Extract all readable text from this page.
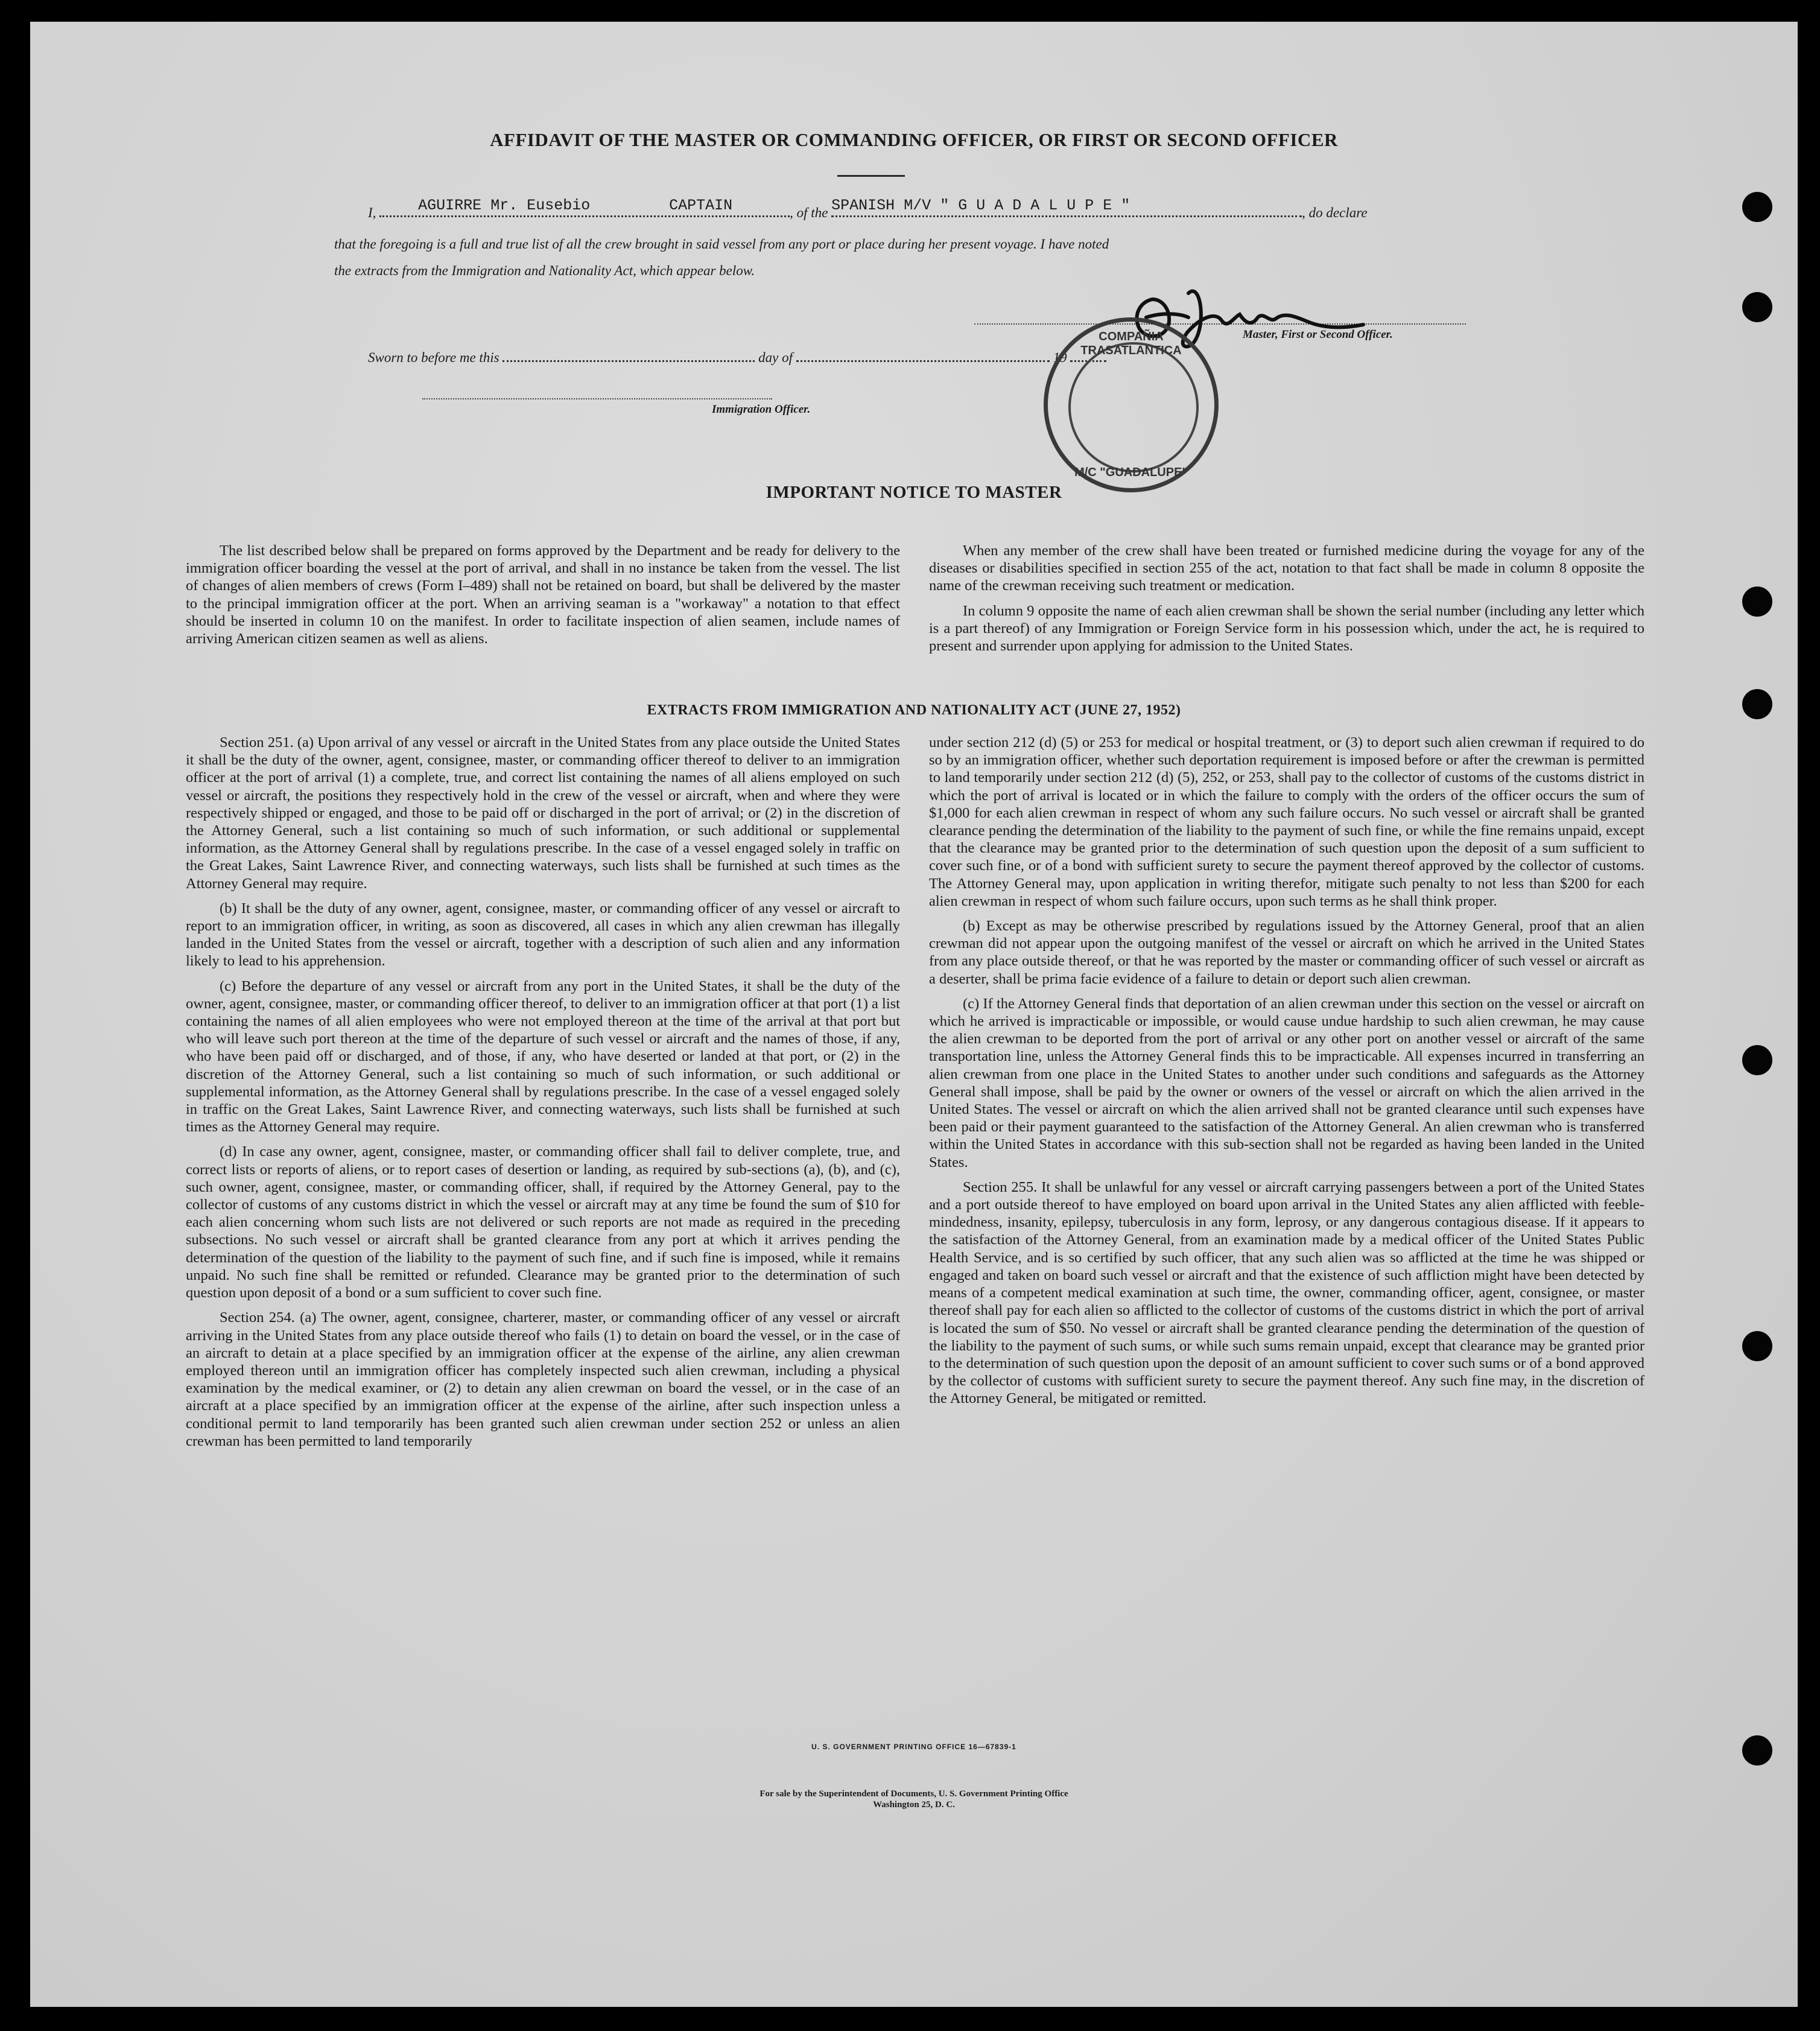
AFFIDAVIT OF THE MASTER OR COMMANDING OFFICER, OR FIRST OR SECOND OFFICER
I,	AGUIRRE Mr. Eusebio	CAPTAIN	, of the SPANISH M/V " G U A D A L U P E "	, do declare
that the foregoing is a full and true list of all the crew brought in said vessel from any port or place during her present voyage. I have noted
the extracts from the Immigration and Nationality Act, which appear below.
Master, First or Second Officer.
Sworn to before me this	day of	19
Immigration Officer.
COMPAÑIA TRASATLANTICA
M/C "GUADALUPE"
IMPORTANT NOTICE TO MASTER

The list described below shall be prepared on forms approved by the Department and be ready for delivery to the immigration officer boarding the vessel at the port of arrival, and shall in no instance be taken from the vessel. The list of changes of alien members of crews (Form I–489) shall not be retained on board, but shall be delivered by the master to the principal immigration officer at the port. When an arriving seaman is a "workaway" a notation to that effect should be inserted in column 10 on the manifest. In order to facilitate inspection of alien seamen, include names of arriving American citizen seamen as well as aliens.

When any member of the crew shall have been treated or furnished medicine during the voyage for any of the diseases or disabilities specified in section 255 of the act, notation to that fact shall be made in column 8 opposite the name of the crewman receiving such treatment or medication.

In column 9 opposite the name of each alien crewman shall be shown the serial number (including any letter which is a part thereof) of any Immigration or Foreign Service form in his possession which, under the act, he is required to present and surrender upon applying for admission to the United States.

EXTRACTS FROM IMMIGRATION AND NATIONALITY ACT (JUNE 27, 1952)

Section 251. (a) Upon arrival of any vessel or aircraft in the United States from any place outside the United States it shall be the duty of the owner, agent, consignee, master, or commanding officer thereof to deliver to an immigration officer at the port of arrival (1) a complete, true, and correct list containing the names of all aliens employed on such vessel or aircraft, the positions they respectively hold in the crew of the vessel or aircraft, when and where they were respectively shipped or engaged, and those to be paid off or discharged in the port of arrival; or (2) in the discretion of the Attorney General, such a list containing so much of such information, or such additional or supplemental information, as the Attorney General shall by regulations prescribe. In the case of a vessel engaged solely in traffic on the Great Lakes, Saint Lawrence River, and connecting waterways, such lists shall be furnished at such times as the Attorney General may require.

(b) It shall be the duty of any owner, agent, consignee, master, or commanding officer of any vessel or aircraft to report to an immigration officer, in writing, as soon as discovered, all cases in which any alien crewman has illegally landed in the United States from the vessel or aircraft, together with a description of such alien and any information likely to lead to his apprehension.

(c) Before the departure of any vessel or aircraft from any port in the United States, it shall be the duty of the owner, agent, consignee, master, or commanding officer thereof, to deliver to an immigration officer at that port (1) a list containing the names of all alien employees who were not employed thereon at the time of the arrival at that port but who will leave such port thereon at the time of the departure of such vessel or aircraft and the names of those, if any, who have been paid off or discharged, and of those, if any, who have deserted or landed at that port, or (2) in the discretion of the Attorney General, such a list containing so much of such information, or such additional or supplemental information, as the Attorney General shall by regulations prescribe. In the case of a vessel engaged solely in traffic on the Great Lakes, Saint Lawrence River, and connecting waterways, such lists shall be furnished at such times as the Attorney General may require.

(d) In case any owner, agent, consignee, master, or commanding officer shall fail to deliver complete, true, and correct lists or reports of aliens, or to report cases of desertion or landing, as required by sub-sections (a), (b), and (c), such owner, agent, consignee, master, or commanding officer, shall, if required by the Attorney General, pay to the collector of customs of any customs district in which the vessel or aircraft may at any time be found the sum of $10 for each alien concerning whom such lists are not delivered or such reports are not made as required in the preceding subsections. No such vessel or aircraft shall be granted clearance from any port at which it arrives pending the determination of the question of the liability to the payment of such fine, and if such fine is imposed, while it remains unpaid. No such fine shall be remitted or refunded. Clearance may be granted prior to the determination of such question upon deposit of a bond or a sum sufficient to cover such fine.

Section 254. (a) The owner, agent, consignee, charterer, master, or commanding officer of any vessel or aircraft arriving in the United States from any place outside thereof who fails (1) to detain on board the vessel, or in the case of an aircraft to detain at a place specified by an immigration officer at the expense of the airline, any alien crewman employed thereon until an immigration officer has completely inspected such alien crewman, including a physical examination by the medical examiner, or (2) to detain any alien crewman on board the vessel, or in the case of an aircraft at a place specified by an immigration officer at the expense of the airline, after such inspection unless a conditional permit to land temporarily has been granted such alien crewman under section 252 or unless an alien crewman has been permitted to land temporarily

under section 212 (d) (5) or 253 for medical or hospital treatment, or (3) to deport such alien crewman if required to do so by an immigration officer, whether such deportation requirement is imposed before or after the crewman is permitted to land temporarily under section 212 (d) (5), 252, or 253, shall pay to the collector of customs of the customs district in which the port of arrival is located or in which the failure to comply with the orders of the officer occurs the sum of $1,000 for each alien crewman in respect of whom any such failure occurs. No such vessel or aircraft shall be granted clearance pending the determination of the liability to the payment of such fine, or while the fine remains unpaid, except that the clearance may be granted prior to the determination of such question upon the deposit of a sum sufficient to cover such fine, or of a bond with sufficient surety to secure the payment thereof approved by the collector of customs. The Attorney General may, upon application in writing therefor, mitigate such penalty to not less than $200 for each alien crewman in respect of whom such failure occurs, upon such terms as he shall think proper.

(b) Except as may be otherwise prescribed by regulations issued by the Attorney General, proof that an alien crewman did not appear upon the outgoing manifest of the vessel or aircraft on which he arrived in the United States from any place outside thereof, or that he was reported by the master or commanding officer of such vessel or aircraft as a deserter, shall be prima facie evidence of a failure to detain or deport such alien crewman.

(c) If the Attorney General finds that deportation of an alien crewman under this section on the vessel or aircraft on which he arrived is impracticable or impossible, or would cause undue hardship to such alien crewman, he may cause the alien crewman to be deported from the port of arrival or any other port on another vessel or aircraft of the same transportation line, unless the Attorney General finds this to be impracticable. All expenses incurred in transferring an alien crewman from one place in the United States to another under such conditions and safeguards as the Attorney General shall impose, shall be paid by the owner or owners of the vessel or aircraft on which the alien arrived in the United States. The vessel or aircraft on which the alien arrived shall not be granted clearance until such expenses have been paid or their payment guaranteed to the satisfaction of the Attorney General. An alien crewman who is transferred within the United States in accordance with this sub-section shall not be regarded as having been landed in the United States.

Section 255. It shall be unlawful for any vessel or aircraft carrying passengers between a port of the United States and a port outside thereof to have employed on board upon arrival in the United States any alien afflicted with feeble-mindedness, insanity, epilepsy, tuberculosis in any form, leprosy, or any dangerous contagious disease. If it appears to the satisfaction of the Attorney General, from an examination made by a medical officer of the United States Public Health Service, and is so certified by such officer, that any such alien was so afflicted at the time he was shipped or engaged and taken on board such vessel or aircraft and that the existence of such affliction might have been detected by means of a competent medical examination at such time, the owner, commanding officer, agent, consignee, or master thereof shall pay for each alien so afflicted to the collector of customs of the customs district in which the port of arrival is located the sum of $50. No vessel or aircraft shall be granted clearance pending the determination of the question of the liability to the payment of such sums, or while such sums remain unpaid, except that clearance may be granted prior to the determination of such question upon the deposit of an amount sufficient to cover such sums or of a bond approved by the collector of customs with sufficient surety to secure the payment thereof. Any such fine may, in the discretion of the Attorney General, be mitigated or remitted.

U. S. GOVERNMENT PRINTING OFFICE 16—67839-1
For sale by the Superintendent of Documents, U. S. Government Printing Office
Washington 25, D. C.
